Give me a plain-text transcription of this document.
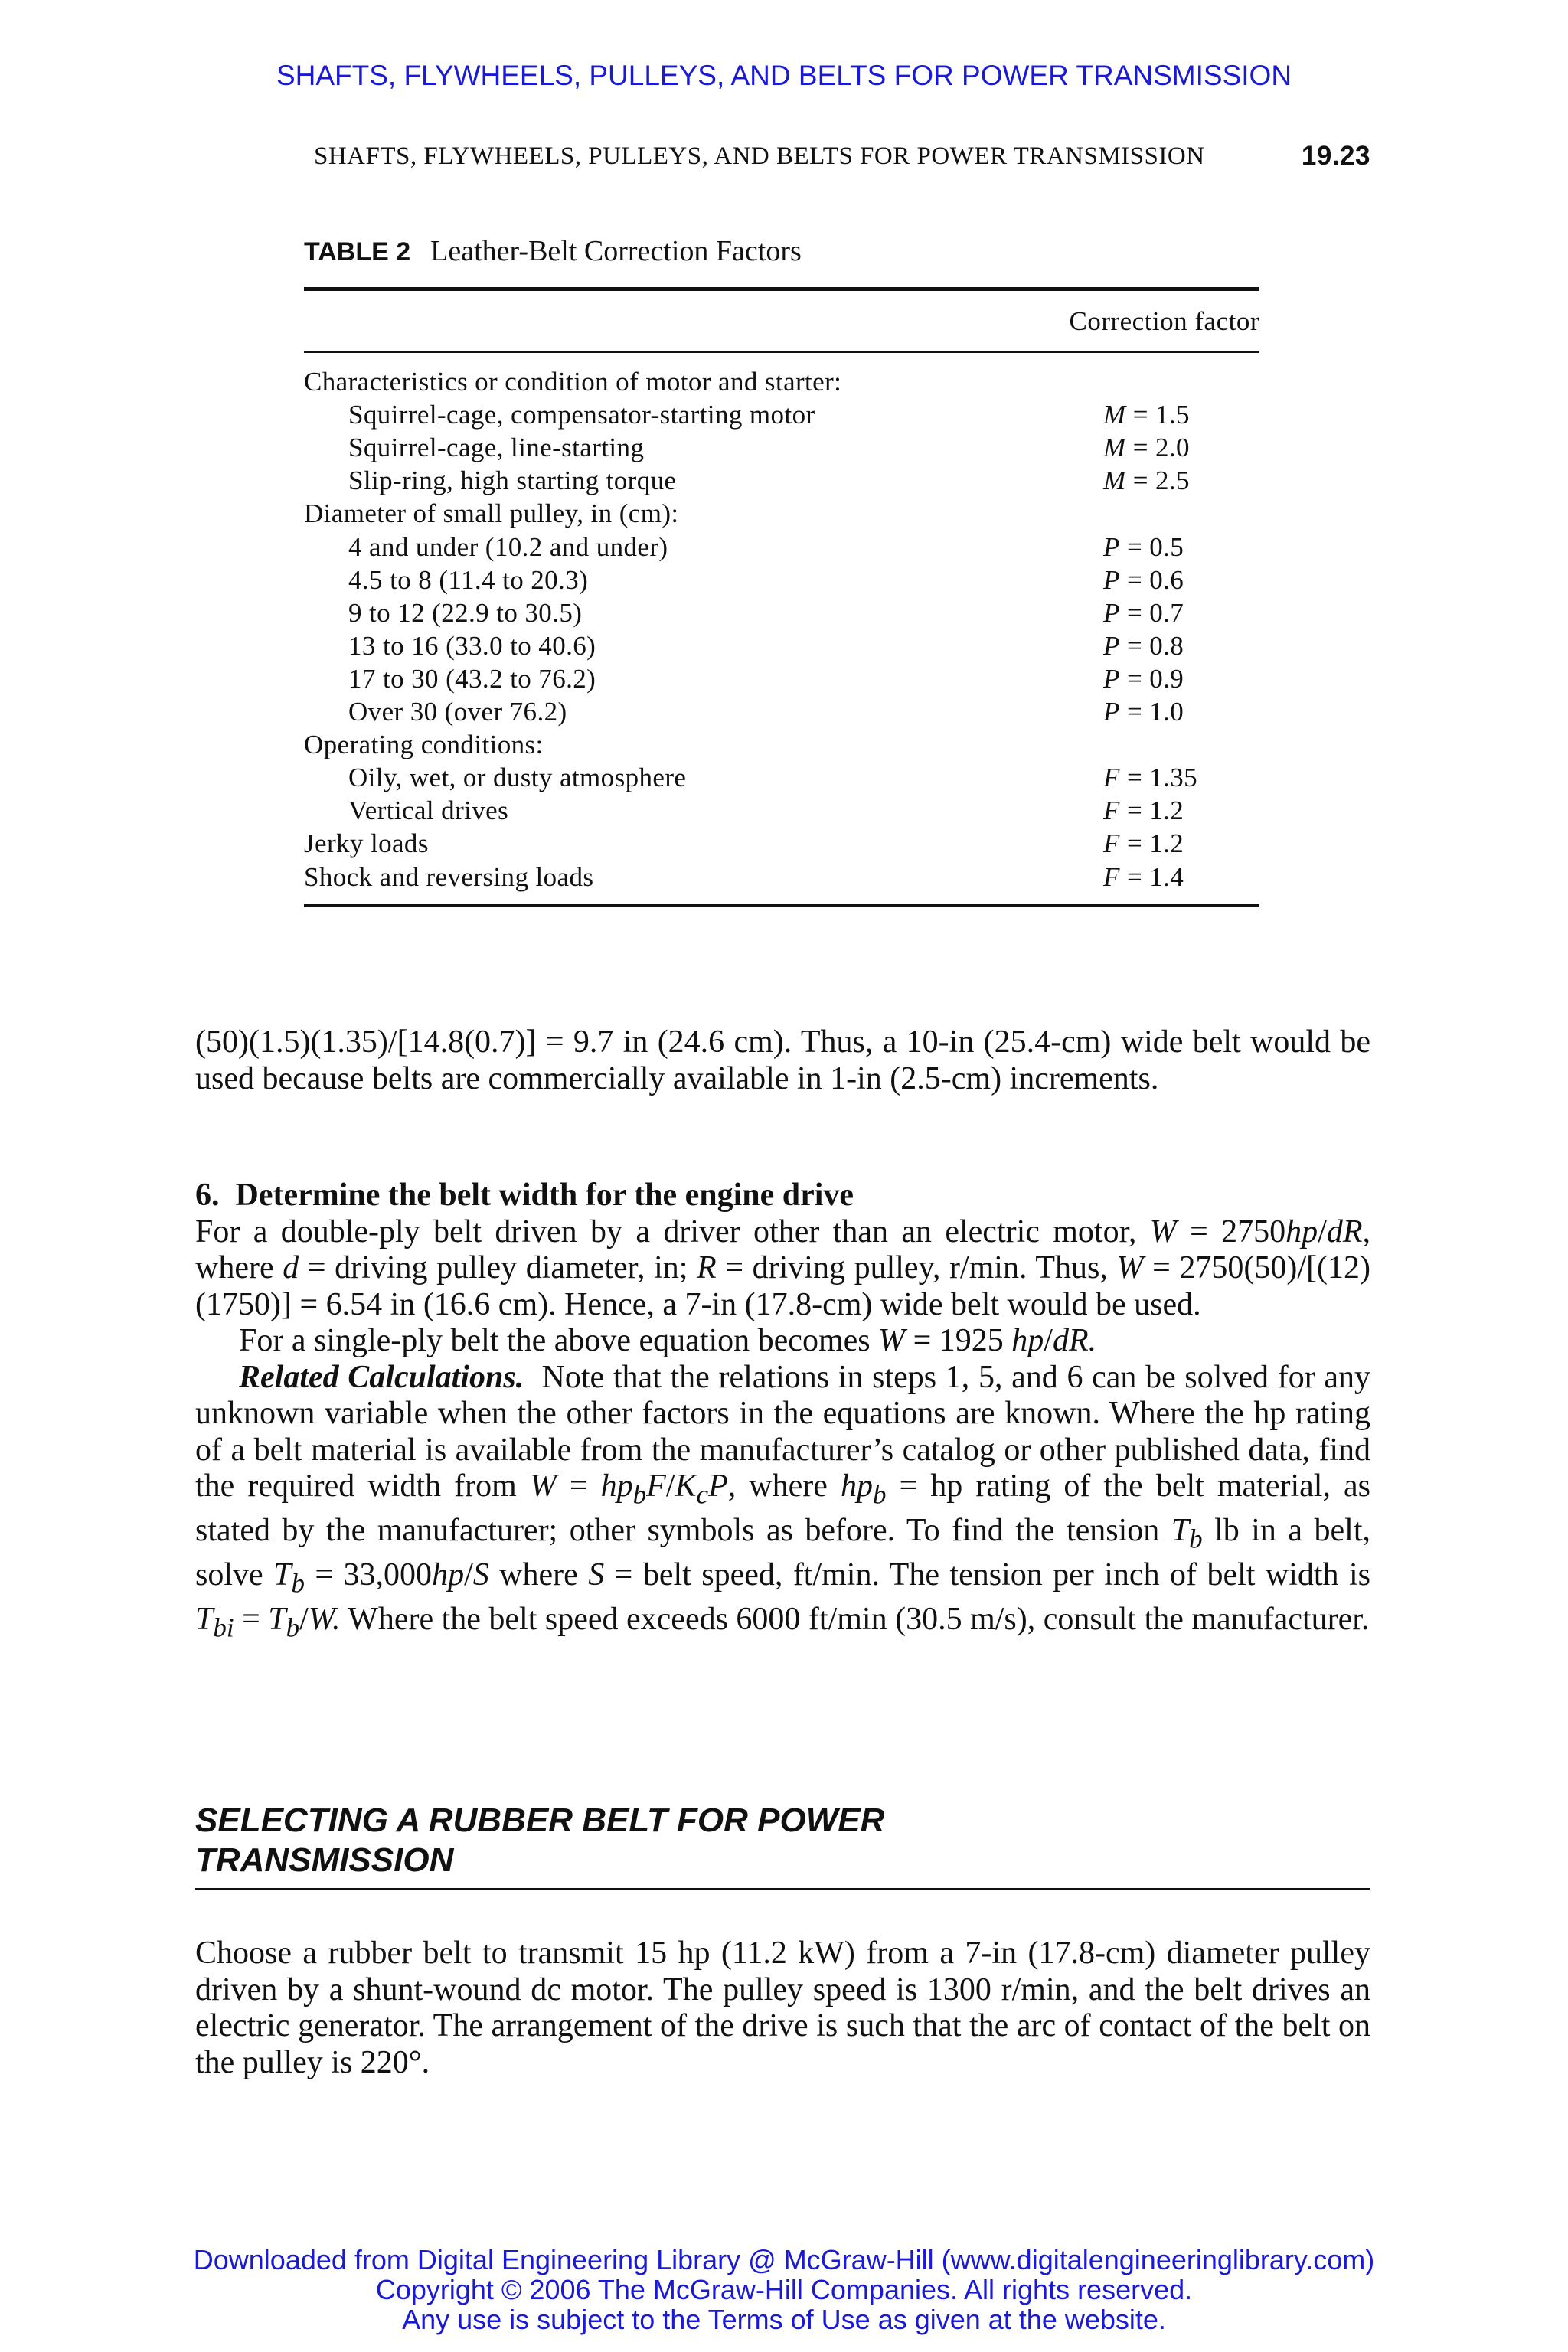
SHAFTS, FLYWHEELS, PULLEYS, AND BELTS FOR POWER TRANSMISSION
SHAFTS, FLYWHEELS, PULLEYS, AND BELTS FOR POWER TRANSMISSION	19.23
TABLE 2 Leather-Belt Correction Factors
Correction factor
Characteristics or condition of motor and starter:
Squirrel-cage, compensator-starting motor	M = 1.5
Squirrel-cage, line-starting	M = 2.0
Slip-ring, high starting torque	M = 2.5
Diameter of small pulley, in (cm):
4 and under (10.2 and under)	P = 0.5
4.5 to 8 (11.4 to 20.3)	P = 0.6
9 to 12 (22.9 to 30.5)	P = 0.7
13 to 16 (33.0 to 40.6)	P = 0.8
17 to 30 (43.2 to 76.2)	P = 0.9
Over 30 (over 76.2)	P = 1.0
Operating conditions:
Oily, wet, or dusty atmosphere	F = 1.35
Vertical drives	F = 1.2
Jerky loads	F = 1.2
Shock and reversing loads	F = 1.4

(50)(1.5)(1.35)/[14.8(0.7)] = 9.7 in (24.6 cm). Thus, a 10-in (25.4-cm) wide belt would be used because belts are commercially available in 1-in (2.5-cm) increments.

6. Determine the belt width for the engine drive

For a double-ply belt driven by a driver other than an electric motor, W = 2750hp/dR, where d = driving pulley diameter, in; R = driving pulley, r/min. Thus, W = 2750(50)/[(12)(1750)] = 6.54 in (16.6 cm). Hence, a 7-in (17.8-cm) wide belt would be used.

For a single-ply belt the above equation becomes W = 1925 hp/dR.

Related Calculations. Note that the relations in steps 1, 5, and 6 can be solved for any unknown variable when the other factors in the equations are known. Where the hp rating of a belt material is available from the manufacturer’s catalog or other published data, find the required width from $W = hp_bF/K_cP$, where $hp_b$ = hp rating of the belt material, as stated by the manufacturer; other symbols as before. To find the tension $T_b$ lb in a belt, solve $T_b = 33,000hp/S$ where S = belt speed, ft/min. The tension per inch of belt width is $T_{bi} = T_b/W$. Where the belt speed exceeds 6000 ft/min (30.5 m/s), consult the manufacturer.

SELECTING A RUBBER BELT FOR POWER
TRANSMISSION

Choose a rubber belt to transmit 15 hp (11.2 kW) from a 7-in (17.8-cm) diameter pulley driven by a shunt-wound dc motor. The pulley speed is 1300 r/min, and the belt drives an electric generator. The arrangement of the drive is such that the arc of contact of the belt on the pulley is 220°.

Downloaded from Digital Engineering Library @ McGraw-Hill (www.digitalengineeringlibrary.com)
Copyright © 2006 The McGraw-Hill Companies. All rights reserved.
Any use is subject to the Terms of Use as given at the website.
